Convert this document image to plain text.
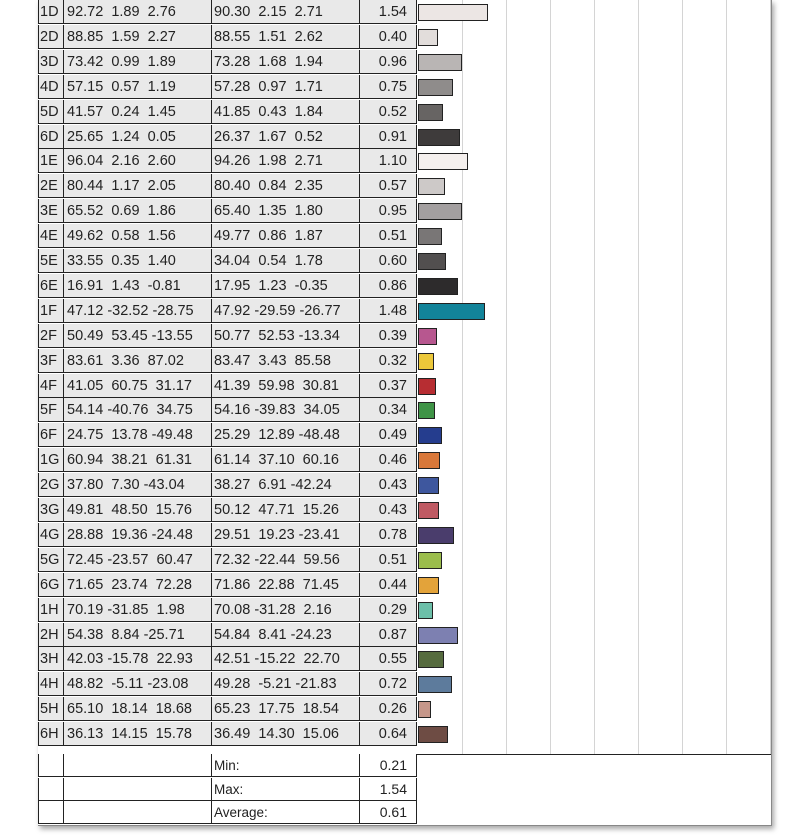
1D 92.72  1.89  2.76	90.30  2.15  2.71	1.54
2D 88.85  1.59  2.27	88.55  1.51  2.62	0.40
3D 73.42  0.99  1.89	73.28  1.68  1.94	0.96
4D 57.15  0.57  1.19	57.28  0.97  1.71	0.75
5D 41.57  0.24  1.45	41.85  0.43  1.84	0.52
6D 25.65  1.24  0.05	26.37  1.67  0.52	0.91
1E 96.04  2.16  2.60	94.26  1.98  2.71	1.10
2E 80.44  1.17  2.05	80.40  0.84  2.35	0.57
3E 65.52  0.69  1.86	65.40  1.35  1.80	0.95
4E 49.62  0.58  1.56	49.77  0.86  1.87	0.51
5E 33.55  0.35  1.40	34.04  0.54  1.78	0.60
6E 16.91  1.43  -0.81	17.95  1.23  -0.35	0.86
1F 47.12 -32.52 -28.75	47.92 -29.59 -26.77	1.48
2F 50.49  53.45 -13.55	50.77  52.53 -13.34	0.39
3F 83.61  3.36  87.02	83.47  3.43  85.58	0.32
4F 41.05  60.75  31.17	41.39  59.98  30.81	0.37
5F 54.14 -40.76  34.75	54.16 -39.83  34.05	0.34
6F 24.75  13.78 -49.48	25.29  12.89 -48.48	0.49
1G 60.94  38.21  61.31	61.14  37.10  60.16	0.46
2G 37.80  7.30 -43.04	38.27  6.91 -42.24	0.43
3G 49.81  48.50  15.76	50.12  47.71  15.26	0.43
4G 28.88  19.36 -24.48	29.51  19.23 -23.41	0.78
5G 72.45 -23.57  60.47	72.32 -22.44  59.56	0.51
6G 71.65  23.74  72.28	71.86  22.88  71.45	0.44
1H 70.19 -31.85  1.98	70.08 -31.28  2.16	0.29
2H 54.38  8.84 -25.71	54.84  8.41 -24.23	0.87
3H 42.03 -15.78  22.93	42.51 -15.22  22.70	0.55
4H 48.82  -5.11 -23.08	49.28  -5.21 -21.83	0.72
5H 65.10  18.14  18.68	65.23  17.75  18.54	0.26
6H 36.13  14.15  15.78	36.49  14.30  15.06	0.64
Min:	0.21
Max:	1.54
Average:	0.61
